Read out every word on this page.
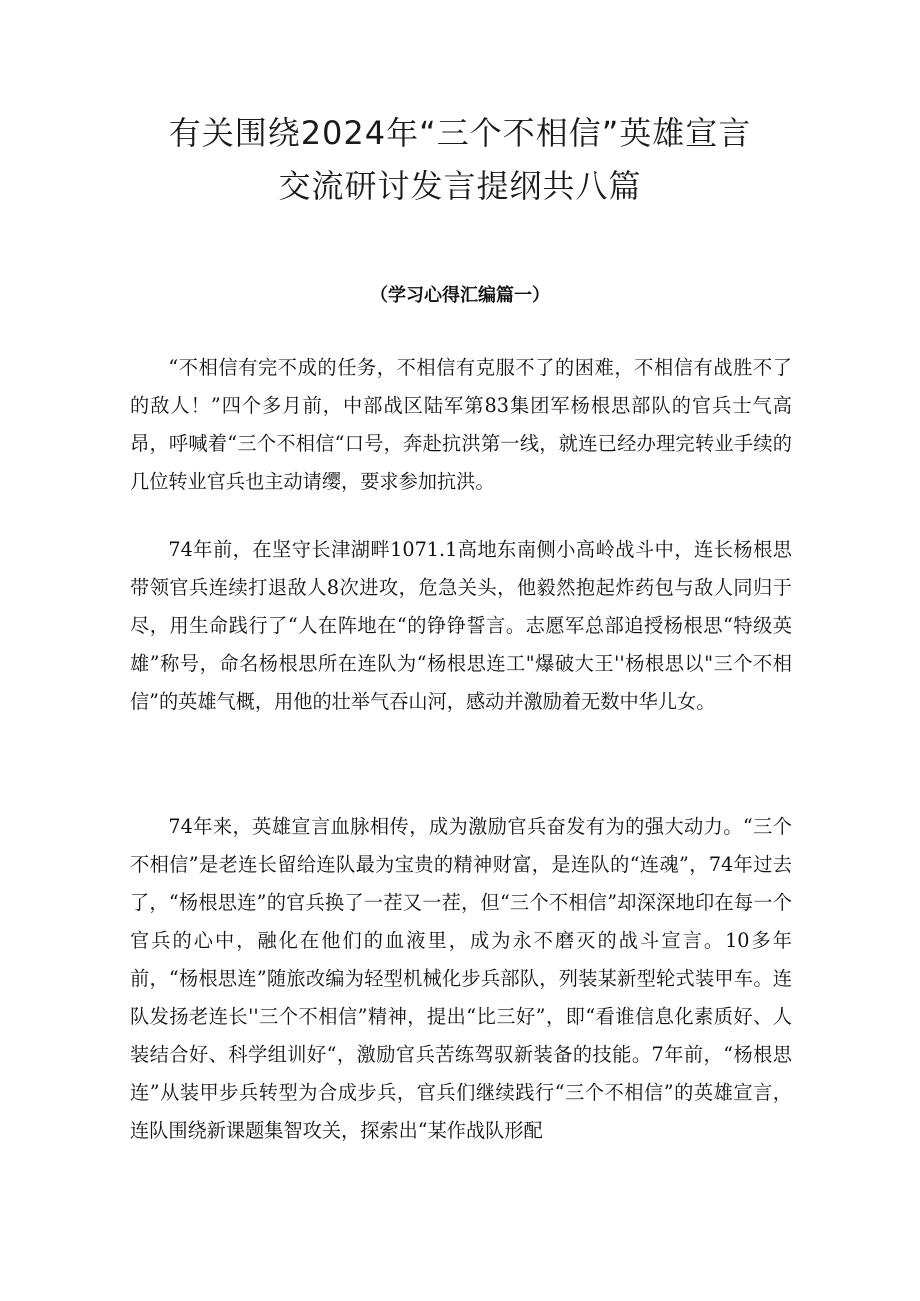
有关围绕2024年“三个不相信”英雄宣言
交流研讨发言提纲共八篇
（学习心得汇编篇一）

“不相信有完不成的任务，不相信有克服不了的困难，不相信有战胜不了的敌人！”四个多月前，中部战区陆军第83集团军杨根思部队的官兵士气高昂，呼喊着“三个不相信“口号，奔赴抗洪第一线，就连已经办理完转业手续的几位转业官兵也主动请缨，要求参加抗洪。

74年前，在坚守长津湖畔1071.1高地东南侧小高岭战斗中，连长杨根思带领官兵连续打退敌人8次进攻，危急关头，他毅然抱起炸药包与敌人同归于尽，用生命践行了“人在阵地在“的铮铮誓言。志愿军总部追授杨根思“特级英雄”称号，命名杨根思所在连队为“杨根思连工"爆破大王''杨根思以"三个不相信”的英雄气概，用他的壮举气吞山河，感动并激励着无数中华儿女。

74年来，英雄宣言血脉相传，成为激励官兵奋发有为的强大动力。“三个不相信”是老连长留给连队最为宝贵的精神财富，是连队的“连魂”，74年过去了，“杨根思连”的官兵换了一茬又一茬，但“三个不相信”却深深地印在每一个官兵的心中，融化在他们的血液里，成为永不磨灭的战斗宣言。10多年前，“杨根思连”随旅改编为轻型机械化步兵部队，列装某新型轮式装甲车。连队发扬老连长''三个不相信”精神，提出“比三好”，即“看谁信息化素质好、人装结合好、科学组训好“，激励官兵苦练驾驭新装备的技能。7年前，“杨根思连”从装甲步兵转型为合成步兵，官兵们继续践行“三个不相信”的英雄宣言，连队围绕新课题集智攻关，探索出“某作战队形配
